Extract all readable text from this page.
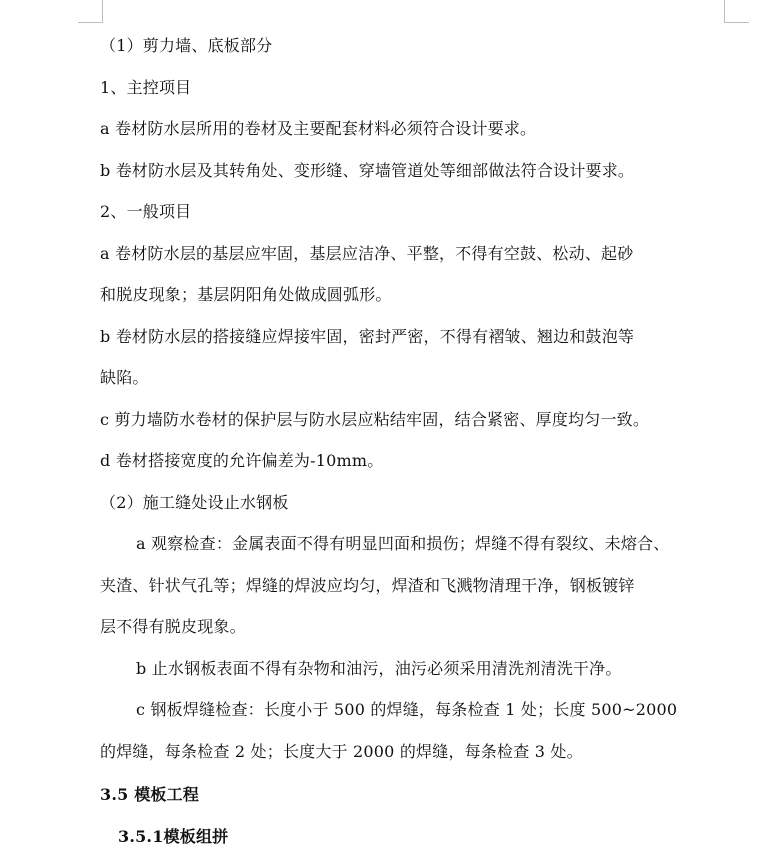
（1）剪力墙、底板部分
1、主控项目
a 卷材防水层所用的卷材及主要配套材料必须符合设计要求。
b 卷材防水层及其转角处、变形缝、穿墙管道处等细部做法符合设计要求。
2、一般项目
a 卷材防水层的基层应牢固，基层应洁净、平整，不得有空鼓、松动、起砂
和脱皮现象；基层阴阳角处做成圆弧形。
b 卷材防水层的搭接缝应焊接牢固，密封严密，不得有褶皱、翘边和鼓泡等
缺陷。
c 剪力墙防水卷材的保护层与防水层应粘结牢固，结合紧密、厚度均匀一致。
d 卷材搭接宽度的允许偏差为-10mm。
（2）施工缝处设止水钢板
a 观察检查：金属表面不得有明显凹面和损伤；焊缝不得有裂纹、未熔合、
夹渣、针状气孔等；焊缝的焊波应均匀，焊渣和飞溅物清理干净，钢板镀锌
层不得有脱皮现象。
b 止水钢板表面不得有杂物和油污，油污必须采用清洗剂清洗干净。
c 钢板焊缝检查：长度小于 500 的焊缝，每条检查 1 处；长度 500~2000
的焊缝，每条检查 2 处；长度大于 2000 的焊缝，每条检查 3 处。
3.5 模板工程
3.5.1模板组拼
